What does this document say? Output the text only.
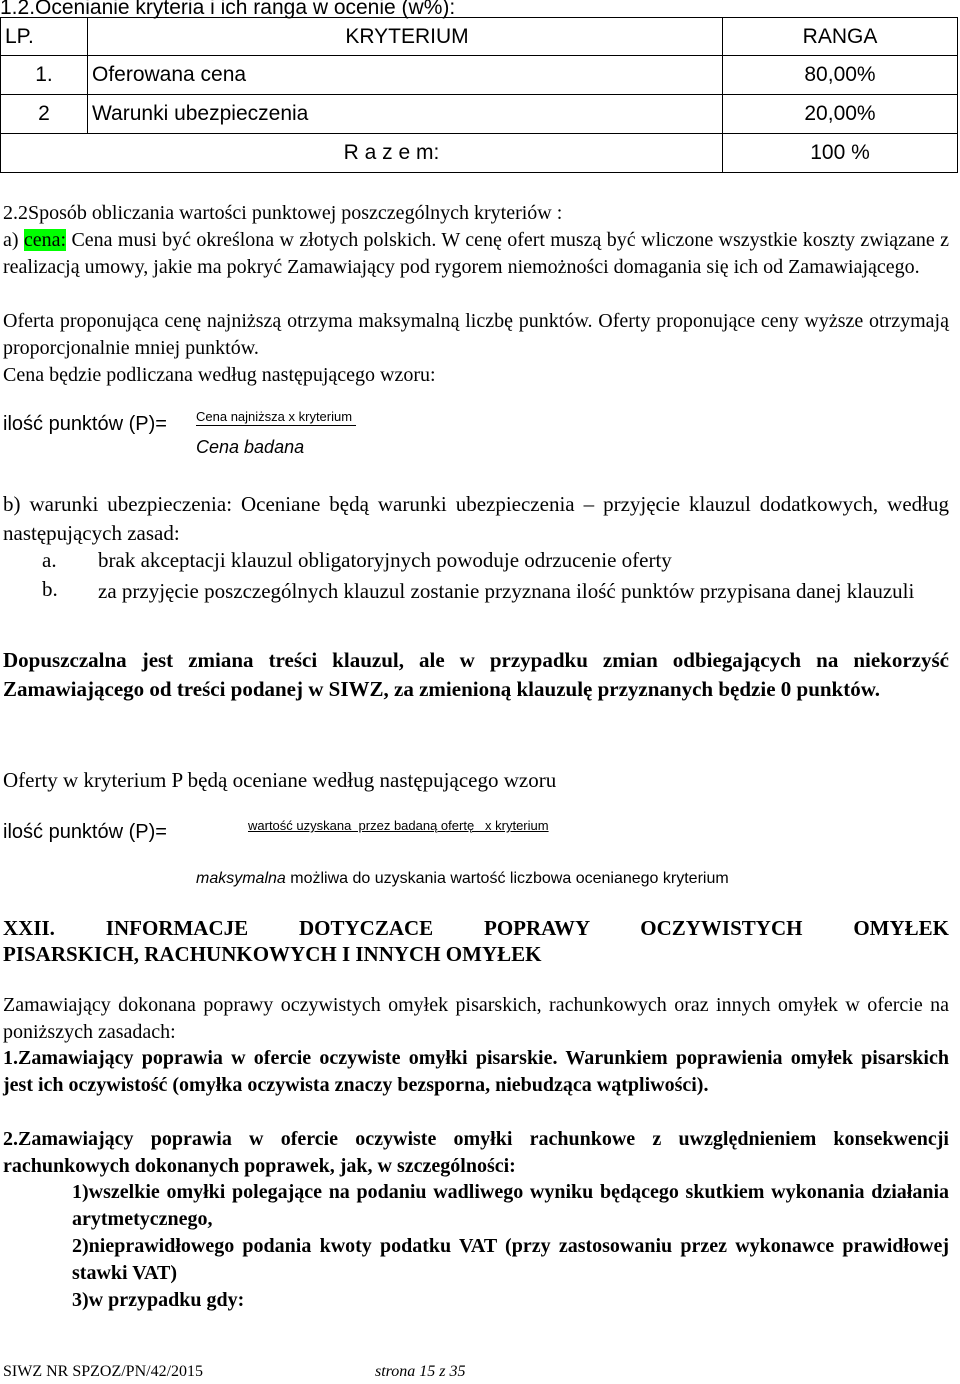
1.2.Ocenianie kryteria i ich ranga w ocenie (w%):
LP.	KRYTERIUM	RANGA
1.	Oferowana cena	80,00%
2	Warunki ubezpieczenia	20,00%
R a z e m:		100 %

2.2Sposób obliczania wartości punktowej poszczególnych kryteriów :

a) cena: Cena musi być określona w złotych polskich. W cenę ofert muszą być wliczone wszystkie koszty związane z realizacją umowy, jakie ma pokryć Zamawiający pod rygorem niemożności domagania się ich od Zamawiającego.

Oferta proponująca cenę najniższą otrzyma maksymalną liczbę punktów. Oferty proponujące ceny wyższe otrzymają proporcjonalnie mniej punktów.

Cena będzie podliczana według następującego wzoru:

ilość punktów (P)= Cena najniższa x kryterium
Cena badana

b) warunki ubezpieczenia: Oceniane będą warunki ubezpieczenia – przyjęcie klauzul dodatkowych, według następujących zasad:

a. brak akceptacji klauzul obligatoryjnych powoduje odrzucenie oferty
b. za przyjęcie poszczególnych klauzul zostanie przyznana ilość punktów przypisana danej klauzuli

Dopuszczalna jest zmiana treści klauzul, ale w przypadku zmian odbiegających na niekorzyść Zamawiającego od treści podanej w SIWZ, za zmienioną klauzulę przyznanych będzie 0 punktów.

Oferty w kryterium P będą oceniane według następującego wzoru

ilość punktów (P)=	wartość uzyskana  przez badaną ofertę   x kryterium
maksymalna możliwa do uzyskania wartość liczbowa ocenianego kryterium

XXII. INFORMACJE DOTYCZACE POPRAWY OCZYWISTYCH OMYŁEK

PISARSKICH, RACHUNKOWYCH I INNYCH OMYŁEK

Zamawiający dokonana poprawy oczywistych omyłek pisarskich, rachunkowych oraz innych omyłek w ofercie na poniższych zasadach:

1.Zamawiający poprawia w ofercie oczywiste omyłki pisarskie. Warunkiem poprawienia omyłek pisarskich jest ich oczywistość (omyłka oczywista znaczy bezsporna, niebudząca wątpliwości).

2.Zamawiający poprawia w ofercie oczywiste omyłki rachunkowe z uwzględnieniem konsekwencji rachunkowych dokonanych poprawek, jak, w szczególności:

1)wszelkie omyłki polegające na podaniu wadliwego wyniku będącego skutkiem wykonania działania arytmetycznego,

2)nieprawidłowego podania kwoty podatku VAT (przy zastosowaniu przez wykonawce prawidłowej stawki VAT)

3)w przypadku gdy:

SIWZ NR SPZOZ/PN/42/2015	strona 15 z 35
